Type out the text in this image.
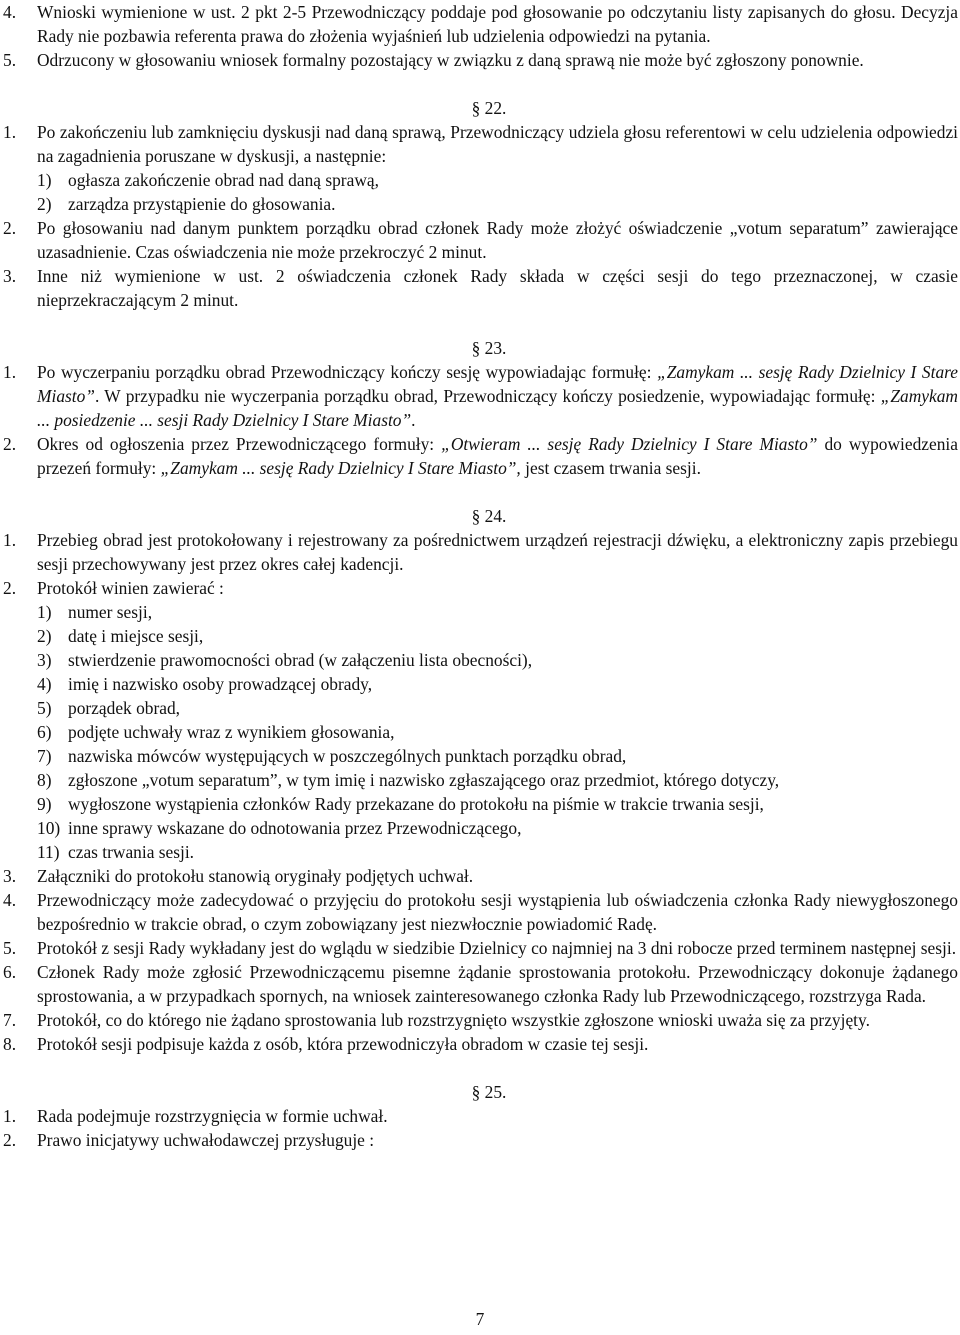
4. Wnioski wymienione w ust. 2 pkt 2-5 Przewodniczący poddaje pod głosowanie po odczytaniu listy zapisanych do głosu. Decyzja Rady nie pozbawia referenta prawa do złożenia wyjaśnień lub udzielenia odpowiedzi na pytania.

5. Odrzucony w głosowaniu wniosek formalny pozostający w związku z daną sprawą nie może być zgłoszony ponownie.

§ 22.

1. Po zakończeniu lub zamknięciu dyskusji nad daną sprawą, Przewodniczący udziela głosu referentowi w celu udzielenia odpowiedzi na zagadnienia poruszane w dyskusji, a następnie:

1) ogłasza zakończenie obrad nad daną sprawą,

2) zarządza przystąpienie do głosowania.

2. Po głosowaniu nad danym punktem porządku obrad członek Rady może złożyć oświadczenie „votum separatum” zawierające uzasadnienie. Czas oświadczenia nie może przekroczyć 2 minut.

3. Inne niż wymienione w ust. 2 oświadczenia członek Rady składa w części sesji do tego przeznaczonej, w czasie nieprzekraczającym 2 minut.

§ 23.

1. Po wyczerpaniu porządku obrad Przewodniczący kończy sesję wypowiadając formułę: „Zamykam ... sesję Rady Dzielnicy I Stare Miasto”. W przypadku nie wyczerpania porządku obrad, Przewodniczący kończy posiedzenie, wypowiadając formułę: „Zamykam ... posiedzenie ... sesji Rady Dzielnicy I Stare Miasto”.

2. Okres od ogłoszenia przez Przewodniczącego formuły: „Otwieram ... sesję Rady Dzielnicy I Stare Miasto” do wypowiedzenia przezeń formuły: „Zamykam ... sesję Rady Dzielnicy I Stare Miasto”, jest czasem trwania sesji.

§ 24.

1. Przebieg obrad jest protokołowany i rejestrowany za pośrednictwem urządzeń rejestracji dźwięku, a elektroniczny zapis przebiegu sesji przechowywany jest przez okres całej kadencji.

2. Protokół winien zawierać :

1) numer sesji,

2) datę i miejsce sesji,

3) stwierdzenie prawomocności obrad (w załączeniu lista obecności),

4) imię i nazwisko osoby prowadzącej obrady,

5) porządek obrad,

6) podjęte uchwały wraz z wynikiem głosowania,

7) nazwiska mówców występujących w poszczególnych punktach porządku obrad,

8) zgłoszone „votum separatum”, w tym imię i nazwisko zgłaszającego oraz przedmiot, którego dotyczy,

9) wygłoszone wystąpienia członków Rady przekazane do protokołu na piśmie w trakcie trwania sesji,

10) inne sprawy wskazane do odnotowania przez Przewodniczącego,

11) czas trwania sesji.

3. Załączniki do protokołu stanowią oryginały podjętych uchwał.

4. Przewodniczący może zadecydować o przyjęciu do protokołu sesji wystąpienia lub oświadczenia członka Rady niewygłoszonego bezpośrednio w trakcie obrad, o czym zobowiązany jest niezwłocznie powiadomić Radę.

5. Protokół z sesji Rady wykładany jest do wglądu w siedzibie Dzielnicy co najmniej na 3 dni robocze przed terminem następnej sesji.

6. Członek Rady może zgłosić Przewodniczącemu pisemne żądanie sprostowania protokołu. Przewodniczący dokonuje żądanego sprostowania, a w przypadkach spornych, na wniosek zainteresowanego członka Rady lub Przewodniczącego, rozstrzyga Rada.

7. Protokół, co do którego nie żądano sprostowania lub rozstrzygnięto wszystkie zgłoszone wnioski uważa się za przyjęty.

8. Protokół sesji podpisuje każda z osób, która przewodniczyła obradom w czasie tej sesji.

§ 25.

1. Rada podejmuje rozstrzygnięcia w formie uchwał.

2. Prawo inicjatywy uchwałodawczej przysługuje :

7
